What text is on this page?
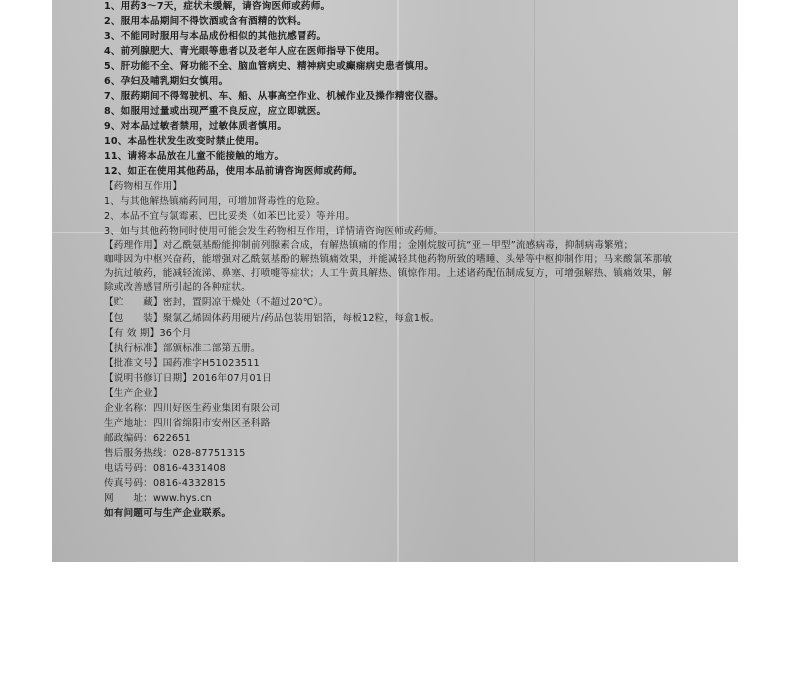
1、用药3～7天，症状未缓解，请咨询医师或药师。
2、服用本品期间不得饮酒或含有酒精的饮料。
3、不能同时服用与本品成份相似的其他抗感冒药。
4、前列腺肥大、青光眼等患者以及老年人应在医师指导下使用。
5、肝功能不全、肾功能不全、脑血管病史、精神病史或癫痫病史患者慎用。
6、孕妇及哺乳期妇女慎用。
7、服药期间不得驾驶机、车、船、从事高空作业、机械作业及操作精密仪器。
8、如服用过量或出现严重不良反应，应立即就医。
9、对本品过敏者禁用，过敏体质者慎用。
10、本品性状发生改变时禁止使用。
11、请将本品放在儿童不能接触的地方。
12、如正在使用其他药品，使用本品前请咨询医师或药师。
【药物相互作用】
1、与其他解热镇痛药同用，可增加肾毒性的危险。
2、本品不宜与氯霉素、巴比妥类（如苯巴比妥）等并用。
3、如与其他药物同时使用可能会发生药物相互作用，详情请咨询医师或药师。
【药理作用】对乙酰氨基酚能抑制前列腺素合成，有解热镇痛的作用；金刚烷胺可抗“亚－甲型”流感病毒，抑制病毒繁殖；
咖啡因为中枢兴奋药，能增强对乙酰氨基酚的解热镇痛效果，并能减轻其他药物所致的嗜睡、头晕等中枢抑制作用；马来酸氯苯那敏
为抗过敏药，能减轻流涕、鼻塞、打喷嚏等症状；人工牛黄具解热、镇惊作用。上述诸药配伍制成复方，可增强解热、镇痛效果，解
除或改善感冒所引起的各种症状。
【贮　　藏】密封，置阴凉干燥处（不超过20℃）。
【包　　装】聚氯乙烯固体药用硬片/药品包装用铝箔，每板12粒，每盒1板。
【有 效 期】36个月
【执行标准】部颁标准二部第五册。
【批准文号】国药准字H51023511
【说明书修订日期】2016年07月01日
【生产企业】
企业名称：四川好医生药业集团有限公司
生产地址：四川省绵阳市安州区圣科路
邮政编码：622651
售后服务热线：028-87751315
电话号码：0816-4331408
传真号码：0816-4332815
网　　址：www.hys.cn
如有问题可与生产企业联系。
